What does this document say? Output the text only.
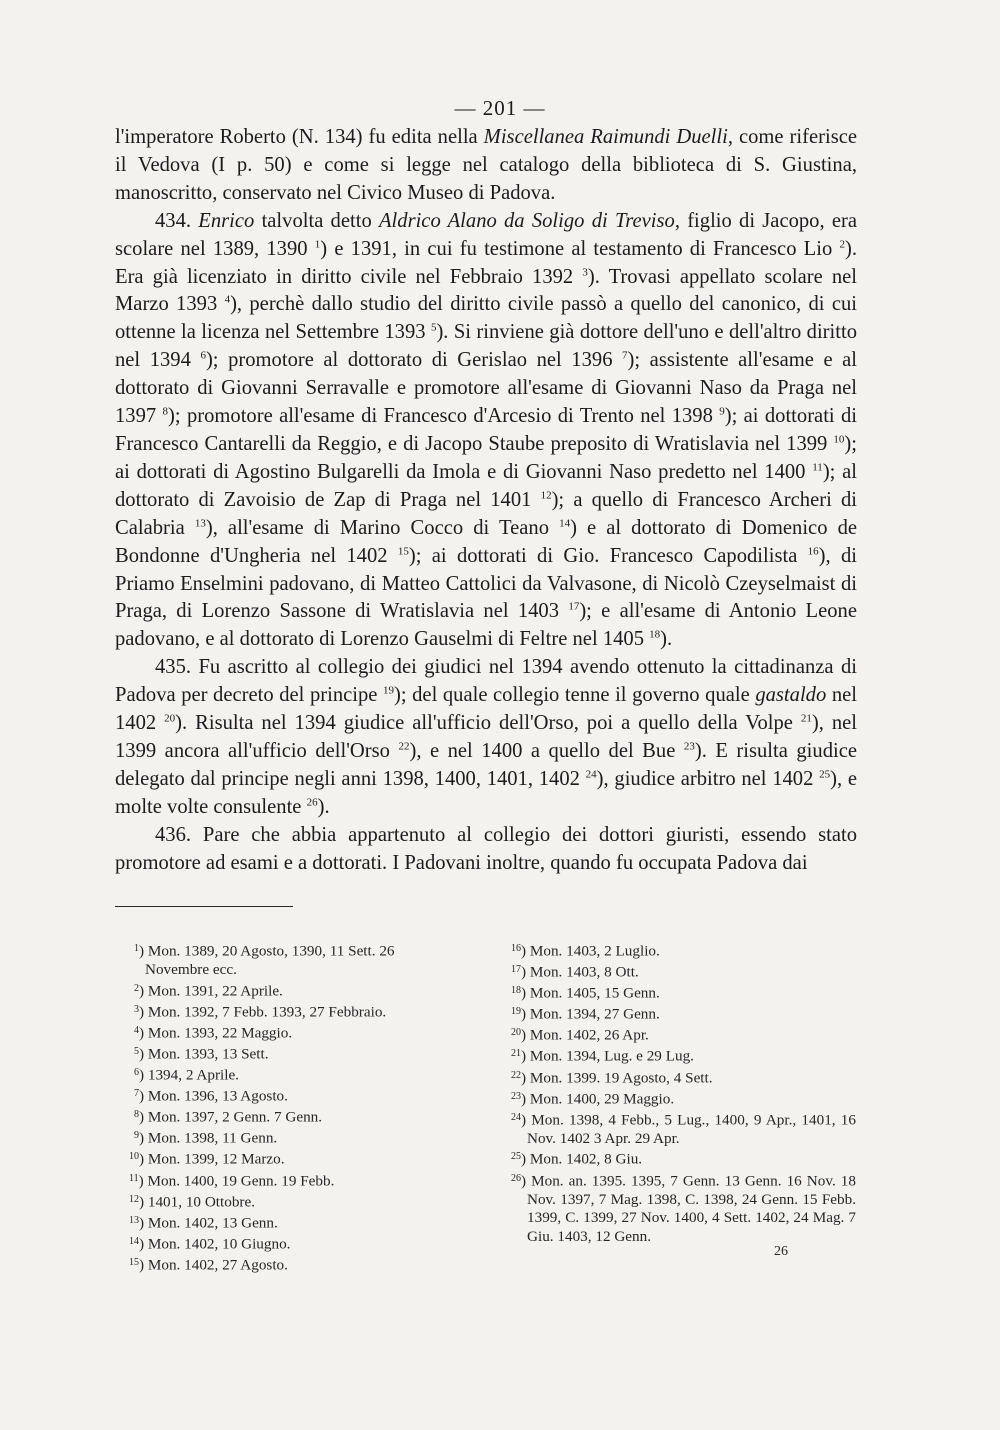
— 201 —

l'imperatore Roberto (N. 134) fu edita nella Miscellanea Raimundi Duelli, come riferisce il Vedova (I p. 50) e come si legge nel catalogo della biblioteca di S. Giustina, manoscritto, conservato nel Civico Museo di Padova.

434. Enrico talvolta detto Aldrico Alano da Soligo di Treviso, figlio di Jacopo, era scolare nel 1389, 1390 $^1$) e 1391, in cui fu testimone al testamento di Francesco Lio $^2$). Era già licenziato in diritto civile nel Febbraio 1392 $^3$). Trovasi appellato scolare nel Marzo 1393 $^4$), perchè dallo studio del diritto civile passò a quello del canonico, di cui ottenne la licenza nel Settembre 1393 $^5$). Si rinviene già dottore dell'uno e dell'altro diritto nel 1394 $^6$); promotore al dottorato di Gerislao nel 1396 $^7$); assistente all'esame e al dottorato di Giovanni Serravalle e promotore all'esame di Giovanni Naso da Praga nel 1397 $^8$); promotore all'esame di Francesco d'Arcesio di Trento nel 1398 $^9$); ai dottorati di Francesco Cantarelli da Reggio, e di Jacopo Staube preposito di Wratislavia nel 1399 $^{10}$); ai dottorati di Agostino Bulgarelli da Imola e di Giovanni Naso predetto nel 1400 $^{11}$); al dottorato di Zavoisio de Zap di Praga nel 1401 $^{12}$); a quello di Francesco Archeri di Calabria $^{13}$), all'esame di Marino Cocco di Teano $^{14}$) e al dottorato di Domenico de Bondonne d'Ungheria nel 1402 $^{15}$); ai dottorati di Gio. Francesco Capodilista $^{16}$), di Priamo Enselmini padovano, di Matteo Cattolici da Valvasone, di Nicolò Czeyselmaist di Praga, di Lorenzo Sassone di Wratislavia nel 1403 $^{17}$); e all'esame di Antonio Leone padovano, e al dottorato di Lorenzo Gauselmi di Feltre nel 1405 $^{18}$).

435. Fu ascritto al collegio dei giudici nel 1394 avendo ottenuto la cittadinanza di Padova per decreto del principe $^{19}$); del quale collegio tenne il governo quale gastaldo nel 1402 $^{20}$). Risulta nel 1394 giudice all'ufficio dell'Orso, poi a quello della Volpe $^{21}$), nel 1399 ancora all'ufficio dell'Orso $^{22}$), e nel 1400 a quello del Bue $^{23}$). E risulta giudice delegato dal principe negli anni 1398, 1400, 1401, 1402 $^{24}$), giudice arbitro nel 1402 $^{25}$), e molte volte consulente $^{26}$).

436. Pare che abbia appartenuto al collegio dei dottori giuristi, essendo stato promotore ad esami e a dottorati. I Padovani inoltre, quando fu occupata Padova dai

$^1$) Mon. 1389, 20 Agosto, 1390, 11 Sett. 26

Novembre ecc.

$^2$) Mon. 1391, 22 Aprile.

$^3$) Mon. 1392, 7 Febb. 1393, 27 Febbraio.

$^4$) Mon. 1393, 22 Maggio.

$^5$) Mon. 1393, 13 Sett.

$^6$) 1394, 2 Aprile.

$^7$) Mon. 1396, 13 Agosto.

$^8$) Mon. 1397, 2 Genn. 7 Genn.

$^9$) Mon. 1398, 11 Genn.

$^{10}$) Mon. 1399, 12 Marzo.

$^{11}$) Mon. 1400, 19 Genn. 19 Febb.

$^{12}$) 1401, 10 Ottobre.

$^{13}$) Mon. 1402, 13 Genn.

$^{14}$) Mon. 1402, 10 Giugno.

$^{15}$) Mon. 1402, 27 Agosto.

$^{16}$) Mon. 1403, 2 Luglio.

$^{17}$) Mon. 1403, 8 Ott.

$^{18}$) Mon. 1405, 15 Genn.

$^{19}$) Mon. 1394, 27 Genn.

$^{20}$) Mon. 1402, 26 Apr.

$^{21}$) Mon. 1394, Lug. e 29 Lug.

$^{22}$) Mon. 1399. 19 Agosto, 4 Sett.

$^{23}$) Mon. 1400, 29 Maggio.

$^{24}$) Mon. 1398, 4 Febb., 5 Lug., 1400, 9 Apr., 1401, 16 Nov. 1402 3 Apr. 29 Apr.

$^{25}$) Mon. 1402, 8 Giu.

$^{26}$) Mon. an. 1395. 1395, 7 Genn. 13 Genn. 16 Nov. 18 Nov. 1397, 7 Mag. 1398, C. 1398, 24 Genn. 15 Febb. 1399, C. 1399, 27 Nov. 1400, 4 Sett. 1402, 24 Mag. 7 Giu. 1403, 12 Genn.

26
